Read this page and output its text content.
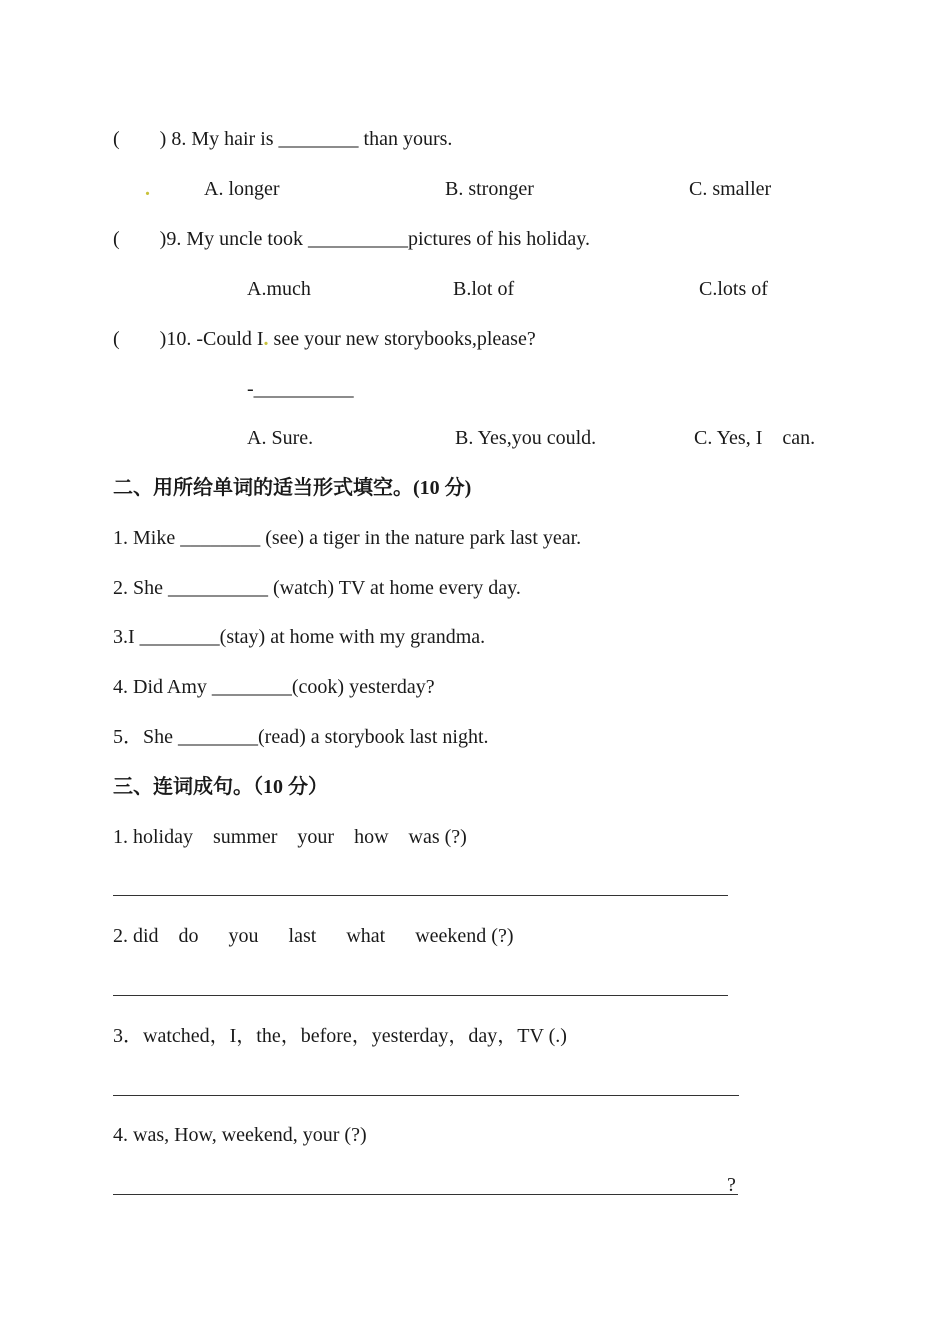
(        ) 8. My hair is ________ than yours.
.	A. longer	B. stronger	C. smaller
(        )9. My uncle took __________pictures of his holiday.
A.much	B.lot of	C.lots of
(        )10. -Could I. see your new storybooks,please?
-__________
A. Sure.	B. Yes,you could.	C. Yes, I    can.
二、用所给单词的适当形式填空。(10 分)
1. Mike ________ (see) a tiger in the nature park last year.
2. She __________ (watch) TV at home every day.
3.I ________(stay) at home with my grandma.
4. Did Amy ________(cook) yesterday?
5．She ________(read) a storybook last night.
三、连词成句。（10 分）
1. holiday    summer    your    how    was (?)
2. did    do      you      last      what      weekend (?)
3．watched，I，the，before，yesterday，day，TV (.)
4. was, How, weekend, your (?)
?
